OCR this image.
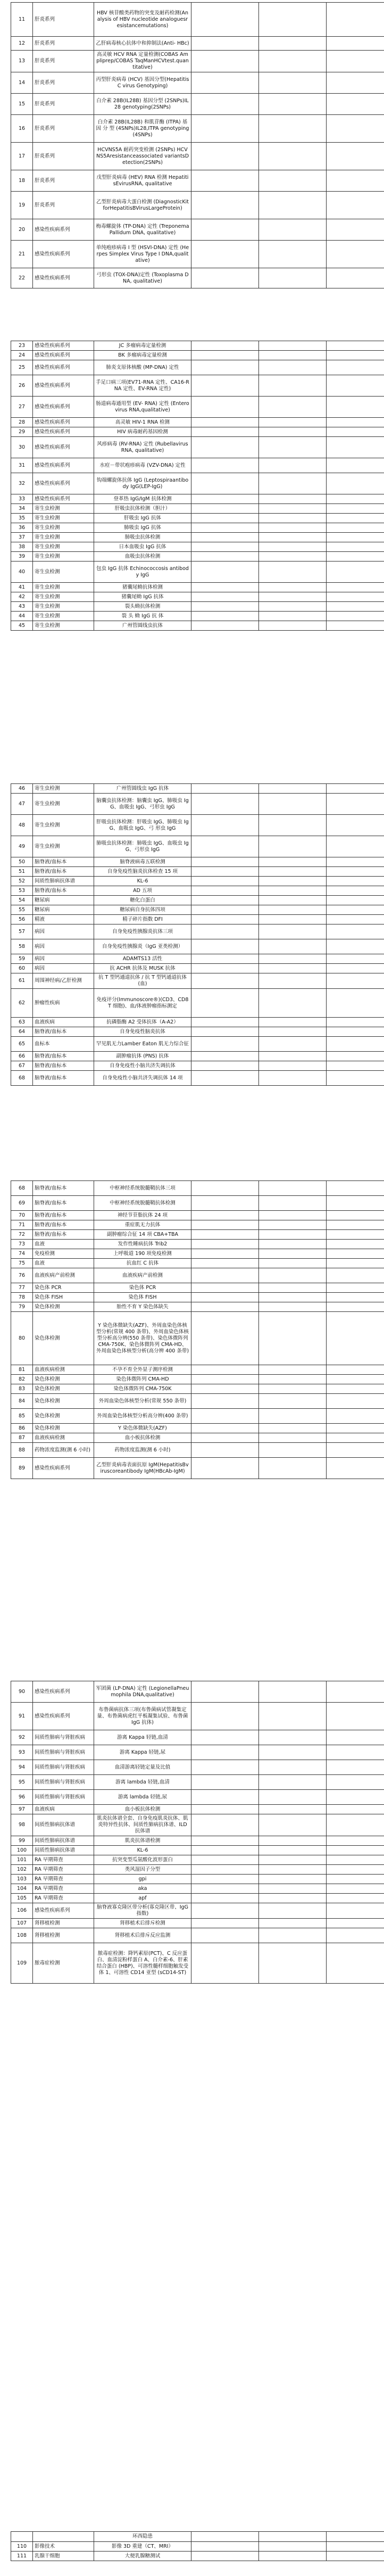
11	肝炎系列	HBV 核苷酸类药物的突变及耐药检测(Analysis of HBV nucleotide analoguesresistancemutations)			
12	肝炎系列	乙肝病毒核心抗体中和抑制法(Anti- HBc)			
13	肝炎系列	高灵敏 HCV RNA 定量检测(COBAS Ampliprep/COBAS TaqManHCVtest.quantitative)			
14	肝炎系列	丙型肝炎病毒 (HCV) 基因分型(Hepatitis C virus Genotyping)			
15	肝炎系列	白介素 28B(IL28B) 基因分型 (2SNPs)IL28 genotyping(2SNPs)			
16	肝炎系列	白介素 28B(IL28B) 和肌苷酶 (ITPA) 基 因 分 型 (4SNPs)IL28,ITPA genotyping(4SNPs)			
17	肝炎系列	HCVNS5A 耐药突变检测 (2SNPs) HCVNS5Aresistanceassociated variantsDetection(2SNPs)			
18	肝炎系列	戊型肝炎病毒 (HEV) RNA 检测 HepatitisEvirusRNA, qualitative			
19	肝炎系列	乙型肝炎病毒大蛋白检测 (DiagnosticKit forHepatitisBVirusLargeProtein)			
20	感染性疾病系列	梅毒螺旋体 (TP-DNA) 定性 (Treponema Pallidum DNA, qualitative)			
21	感染性疾病系列	单纯疱疹病毒 I 型 (HSVI-DNA) 定性 (Herpes Simplex Virus Type I DNA,qualitative)			
22	感染性疾病系列	弓形虫 (TOX-DNA)定性 (Toxoplasma DNA, qualitative)			
23	感染性疾病系列	JC 多瘤病毒定量检测			
24	感染性疾病系列	BK 多瘤病毒定量检测			
25	感染性疾病系列	肺炎支原体核酸 (MP-DNA) 定性			
26	感染性疾病系列	手足口病三项(EV71-RNA 定性、CA16-RNA 定性、EV-RNA 定性)			
27	感染性疾病系列	肠道病毒通用型 (EV- RNA) 定性 (Enterovirus RNA,qualitative)			
28	感染性疾病系列	高灵敏 HIV-1 RNA 检测			
29	感染性疾病系列	HIV 病毒耐药基因检测			
30	感染性疾病系列	风疹病毒 (RV-RNA) 定性 (RubellavirusRNA, qualitative)			
31	感染性疾病系列	水痘－带状疱疹病毒 (VZV-DNA) 定性			
32	感染性疾病系列	钩端螺旋体抗体 IgG (Leptospiraantibody IgG(LEP-IgG)			
33	感染性疾病系列	登革热 IgG/IgM 抗体检测			
34	寄生虫检测	肝吸虫抗体检测（胆汁）			
35	寄生虫检测	肝吸虫 IgG 抗体			
36	寄生虫检测	肺吸虫 IgG 抗体			
37	寄生虫检测	肺吸虫抗体检测			
38	寄生虫检测	日本血吸虫 IgG 抗体			
39	寄生虫检测	血吸虫抗体检测			
40	寄生虫检测	包虫 IgG 抗体 Echinococcosis antibody IgG			
41	寄生虫检测	猪囊尾蚴抗体检测			
42	寄生虫检测	猪囊尾蚴 IgG 抗体			
43	寄生虫检测	裂头蚴抗体检测			
44	寄生虫检测	裂 头 蚴 IgG 抗 体			
45	寄生虫检测	广州管圆线虫抗体			
46	寄生虫检测	广州管圆线虫 IgG 抗体			
47	寄生虫检测	脑囊虫抗体检测：脑囊虫 IgG、肺吸虫 IgG、血吸虫 IgG、弓形虫 IgG			
48	寄生虫检测	肝吸虫抗体检测：肝吸虫 IgG、肺吸虫 IgG、血吸虫 IgG、弓 形虫 IgG			
49	寄生虫检测	肺吸虫抗体检测：肺吸虫 IgG、血吸虫 IgG、弓形虫 IgG			
50	脑脊液/血标本	脑脊液病毒五联检测			
51	脑脊液/血标本	自身免疫性脑炎抗体检查 15 项			
52	间质性肺病抗体谱	KL-6			
53	脑脊液/血标本	AD 五项			
54	糖尿病	糖化白蛋白			
55	糖尿病	糖尿病自身抗体四项			
56	精液	精子碎片指数 DFI			
57	病因	自身免疫性胰腺炎抗体三项			
58	病因	自身免疫性胰腺炎（IgG 亚类检测）			
59	病因	ADAMTS13 活性			
60	病因	抗 ACHR 抗体及 MUSK 抗体			
61	周围神经病/乙肝检测	抗 T 型钙通道抗体 / 抗 T 型钙通道抗体(血)			
62	肿瘤性疾病	免疫评分(Immunoscore®)(CD3、CD8 T 细胞)、血/体液肿瘤指标测定			
63	血液疾病	抗磷脂酶 A2 受体抗体（A-A2）			
64	脑脊液/血标本	自身免疫性脑炎抗体			
65	血标本	罕见肌无力Lamber Eaton 肌无力综合征			
66	脑脊液/血标本	副肿瘤抗体 (PNS) 抗体			
67	脑脊液/血标本	自身免疫性小脑共济失调抗体			
68	脑脊液/血标本	自身免疫性小脑共济失调抗体 14 项			
68	脑脊液/血标本	中枢神经系统脱髓鞘抗体三项			
69	脑脊液/血标本	中枢神经系统脱髓鞘抗体检测			
70	脑脊液/血标本	神经节苷脂抗体 24 项			
71	脑脊液/血标本	重症肌无力抗体			
72	脑脊液/血标本	副肿瘤综合征 14 项 CBA+TBA			
73	血液	发作性睡病抗体 Trib2			
74	免疫检测	上呼吸道 190 项免疫检测			
75	血液	抗血红 C 抗体			
76	血液疾病产前检测	血液疾病产前检测			
77	染色体 PCR	染色体 PCR			
78	染色体 FISH	染色体 FISH			
79	染色体检测	胎性不育 Y 染色体缺失			
80	染色体检测	Y 染色体微缺失(AZF)、外周血染色体核型分析(常规 400 条带)、外周血染色体核型分析高分辨(550 条带)、染色体微阵列 CMA-750K、染色体微阵列 CMA-HD、外周血染色体核型分析(高分辨 400 条带)			
81	血液疾病检测	不孕不育全外显子测序检测			
82	染色体检测	染色体微阵列 CMA-HD			
83	染色体检测	染色体微阵列 CMA-750K			
84	染色体检测	外周血染色体核型分析(常规 550 条带)			
85	染色体检测	外周血染色体核型分析高分辨(400 条带)			
86	染色体检测	Y 染色体微缺失(AZF)			
87	血液疾病检测	血小板抗体检测			
88	药物浓度监测(测 6 小时)	药物浓度监测(测 6 小时)			
89	感染性疾病系列	乙型肝炎病毒表面抗原 IgM(HepatitisBviruscoreantibody IgM(HBcAb-IgM)			
90	感染性疾病系列	军团菌 (LP-DNA) 定性 (LegionellaPneumophila DNA,qualitative)			
91	感染性疾病系列	布鲁菌病抗体三项(布鲁菌病试管凝集定量、布鲁菌病虎红平板凝集试验、布鲁菌 IgG 抗体)			
92	间质性肺病与肾脏疾病	游离 Kappa 轻链,血清			
93	间质性肺病与肾脏疾病	游离 Kappa 轻链,尿			
94	间质性肺病与肾脏疾病	血清游离轻链定量及比值			
95	间质性肺病与肾脏疾病	游离 lambda 轻链,血清			
96	间质性肺病与肾脏疾病	游离 lambda 轻链,尿			
97	血液疾病	血小板抗体检测			
98	间质性肺病抗体谱	肌炎抗体谱全套、自身免疫肌炎抗体、肌炎特异性抗体、间质性肺病抗体谱、ILD 抗体谱			
99	间质性肺病抗体谱	肌炎抗体谱检测			
100	间质性肺病抗体谱	KL-6			
101	RA 早期筛查	抗突变型瓜氨酸化波形蛋白			
102	RA 早期筛查	类风湿因子分型			
103	RA 早期筛查	gpi			
104	RA 早期筛查	aka			
105	RA 早期筛查	apf			
106	感染性疾病系列	脑脊液寡克隆区带分析(寡克隆区带、IgG 指数)			
107	肾移植检测	肾移植术后排斥检测			
108	肾移植检测	肾移植术后排斥反应监测			
109	脓毒症检测	脓毒症检测：降钙素原(PCT)、C 反应蛋白、血清淀粉样蛋白 A、白介素-6、肝素结合蛋白 (HBP)、可溶性髓样细胞触发受体 1、可溶性 CD14 亚型 (sCD14-ST)			
		环西隐患			
110	影像技术	影像 3D 重建（CT、MRI）			
111	乳腺干细胞	大便乳腺糖测试			
